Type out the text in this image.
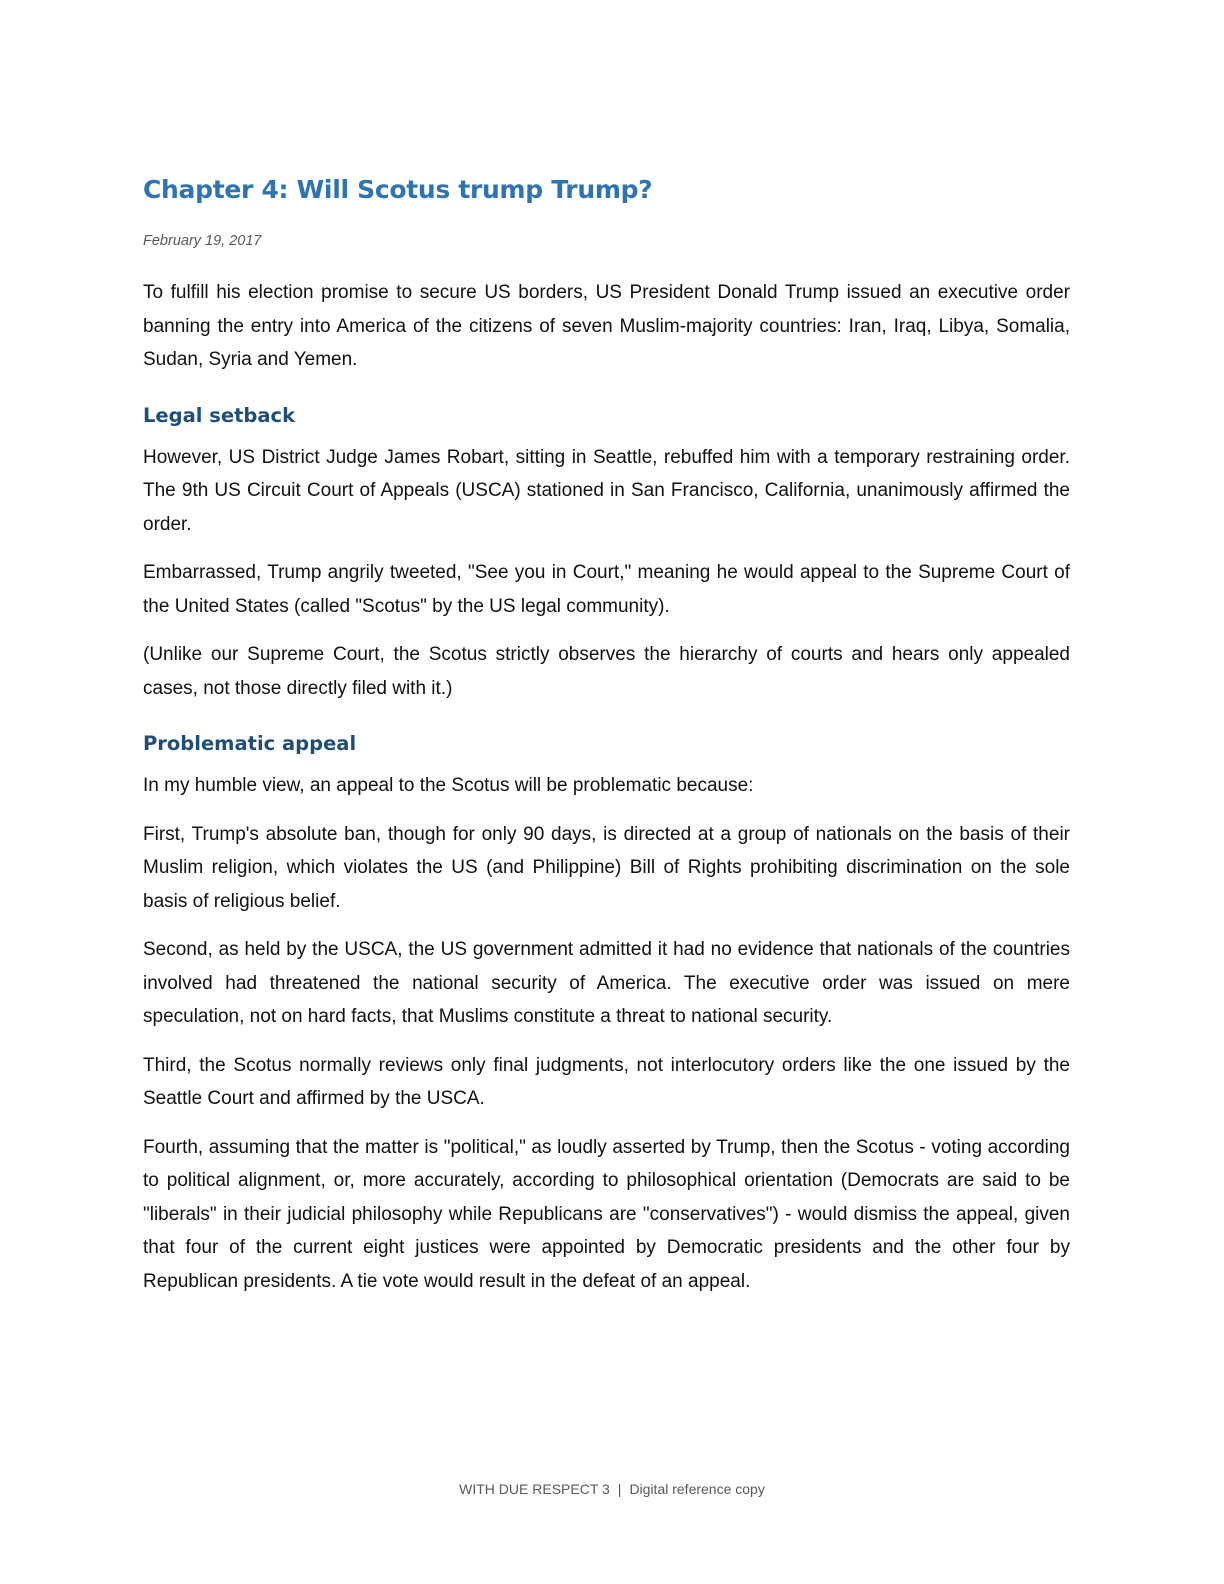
Chapter 4: Will Scotus trump Trump?

February 19, 2017

To fulfill his election promise to secure US borders, US President Donald Trump issued an executive order banning the entry into America of the citizens of seven Muslim-majority countries: Iran, Iraq, Libya, Somalia, Sudan, Syria and Yemen.

Legal setback

However, US District Judge James Robart, sitting in Seattle, rebuffed him with a temporary restraining order. The 9th US Circuit Court of Appeals (USCA) stationed in San Francisco, California, unanimously affirmed the order.

Embarrassed, Trump angrily tweeted, "See you in Court," meaning he would appeal to the Supreme Court of the United States (called "Scotus" by the US legal community).

(Unlike our Supreme Court, the Scotus strictly observes the hierarchy of courts and hears only appealed cases, not those directly filed with it.)

Problematic appeal

In my humble view, an appeal to the Scotus will be problematic because:

First, Trump's absolute ban, though for only 90 days, is directed at a group of nationals on the basis of their Muslim religion, which violates the US (and Philippine) Bill of Rights prohibiting discrimination on the sole basis of religious belief.

Second, as held by the USCA, the US government admitted it had no evidence that nationals of the countries involved had threatened the national security of America. The executive order was issued on mere speculation, not on hard facts, that Muslims constitute a threat to national security.

Third, the Scotus normally reviews only final judgments, not interlocutory orders like the one issued by the Seattle Court and affirmed by the USCA.

Fourth, assuming that the matter is "political," as loudly asserted by Trump, then the Scotus - voting according to political alignment, or, more accurately, according to philosophical orientation (Democrats are said to be "liberals" in their judicial philosophy while Republicans are "conservatives") - would dismiss the appeal, given that four of the current eight justices were appointed by Democratic presidents and the other four by Republican presidents. A tie vote would result in the defeat of an appeal.

WITH DUE RESPECT 3 | Digital reference copy
